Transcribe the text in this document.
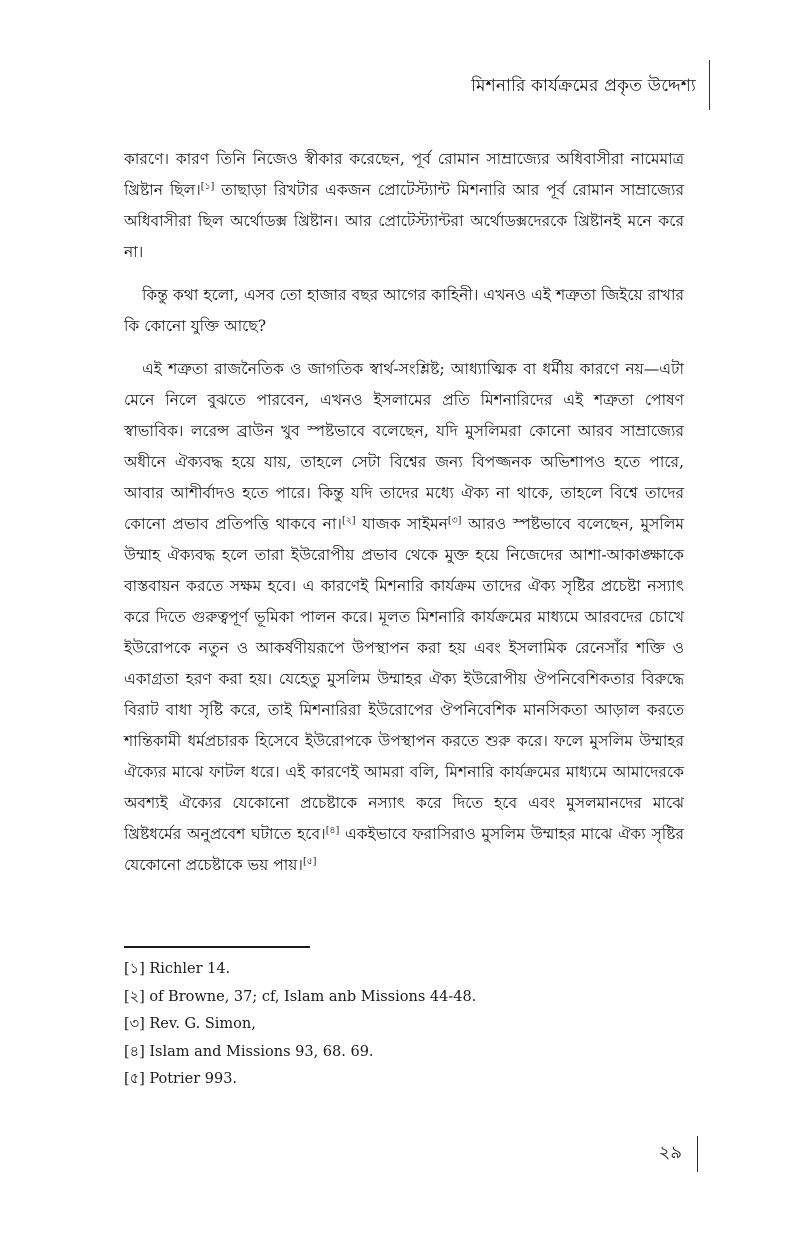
মিশনারি কার্যক্রমের প্রকৃত উদ্দেশ্য

কারণে। কারণ তিনি নিজেও স্বীকার করেছেন, পূর্ব রোমান সাম্রাজ্যের অধিবাসীরা নামেমাত্র খ্রিষ্টান ছিল।[১] তাছাড়া রিখটার একজন প্রোটেস্ট্যান্ট মিশনারি আর পূর্ব রোমান সাম্রাজ্যের অধিবাসীরা ছিল অর্থোডক্স খ্রিষ্টান। আর প্রোটেস্ট্যান্টরা অর্থোডক্সদেরকে খ্রিষ্টানই মনে করে না।

কিন্তু কথা হলো, এসব তো হাজার বছর আগের কাহিনী। এখনও এই শত্রুতা জিইয়ে রাখার কি কোনো যুক্তি আছে?

এই শত্রুতা রাজনৈতিক ও জাগতিক স্বার্থ-সংশ্লিষ্ট; আধ্যাত্মিক বা ধর্মীয় কারণে নয়—এটা মেনে নিলে বুঝতে পারবেন, এখনও ইসলামের প্রতি মিশনারিদের এই শত্রুতা পোষণ স্বাভাবিক। লরেন্স ব্রাউন খুব স্পষ্টভাবে বলেছেন, যদি মুসলিমরা কোনো আরব সাম্রাজ্যের অধীনে ঐক্যবদ্ধ হয়ে যায়, তাহলে সেটা বিশ্বের জন্য বিপজ্জনক অভিশাপও হতে পারে, আবার আশীর্বাদও হতে পারে। কিন্তু যদি তাদের মধ্যে ঐক্য না থাকে, তাহলে বিশ্বে তাদের কোনো প্রভাব প্রতিপত্তি থাকবে না।[২] যাজক সাইমন[৩] আরও স্পষ্টভাবে বলেছেন, মুসলিম উম্মাহ ঐক্যবদ্ধ হলে তারা ইউরোপীয় প্রভাব থেকে মুক্ত হয়ে নিজেদের আশা-আকাঙ্ক্ষাকে বাস্তবায়ন করতে সক্ষম হবে। এ কারণেই মিশনারি কার্যক্রম তাদের ঐক্য সৃষ্টির প্রচেষ্টা নস্যাৎ করে দিতে গুরুত্বপূর্ণ ভূমিকা পালন করে। মূলত মিশনারি কার্যক্রমের মাধ্যমে আরবদের চোখে ইউরোপকে নতুন ও আকর্ষণীয়রূপে উপস্থাপন করা হয় এবং ইসলামিক রেনেসাঁর শক্তি ও একাগ্রতা হরণ করা হয়। যেহেতু মুসলিম উম্মাহর ঐক্য ইউরোপীয় ঔপনিবেশিকতার বিরুদ্ধে বিরাট বাধা সৃষ্টি করে, তাই মিশনারিরা ইউরোপের ঔপনিবেশিক মানসিকতা আড়াল করতে শান্তিকামী ধর্মপ্রচারক হিসেবে ইউরোপকে উপস্থাপন করতে শুরু করে। ফলে মুসলিম উম্মাহর ঐক্যের মাঝে ফাটল ধরে। এই কারণেই আমরা বলি, মিশনারি কার্যক্রমের মাধ্যমে আমাদেরকে অবশ্যই ঐক্যের যেকোনো প্রচেষ্টাকে নস্যাৎ করে দিতে হবে এবং মুসলমানদের মাঝে খ্রিষ্টধর্মের অনুপ্রবেশ ঘটাতে হবে।[৪] একইভাবে ফরাসিরাও মুসলিম উম্মাহর মাঝে ঐক্য সৃষ্টির যেকোনো প্রচেষ্টাকে ভয় পায়।[৫]

[১] Richler 14.

[২] of Browne, 37; cf, Islam anb Missions 44-48.

[৩] Rev. G. Simon,

[৪] Islam and Missions 93, 68. 69.

[৫] Potrier 993.

২৯
